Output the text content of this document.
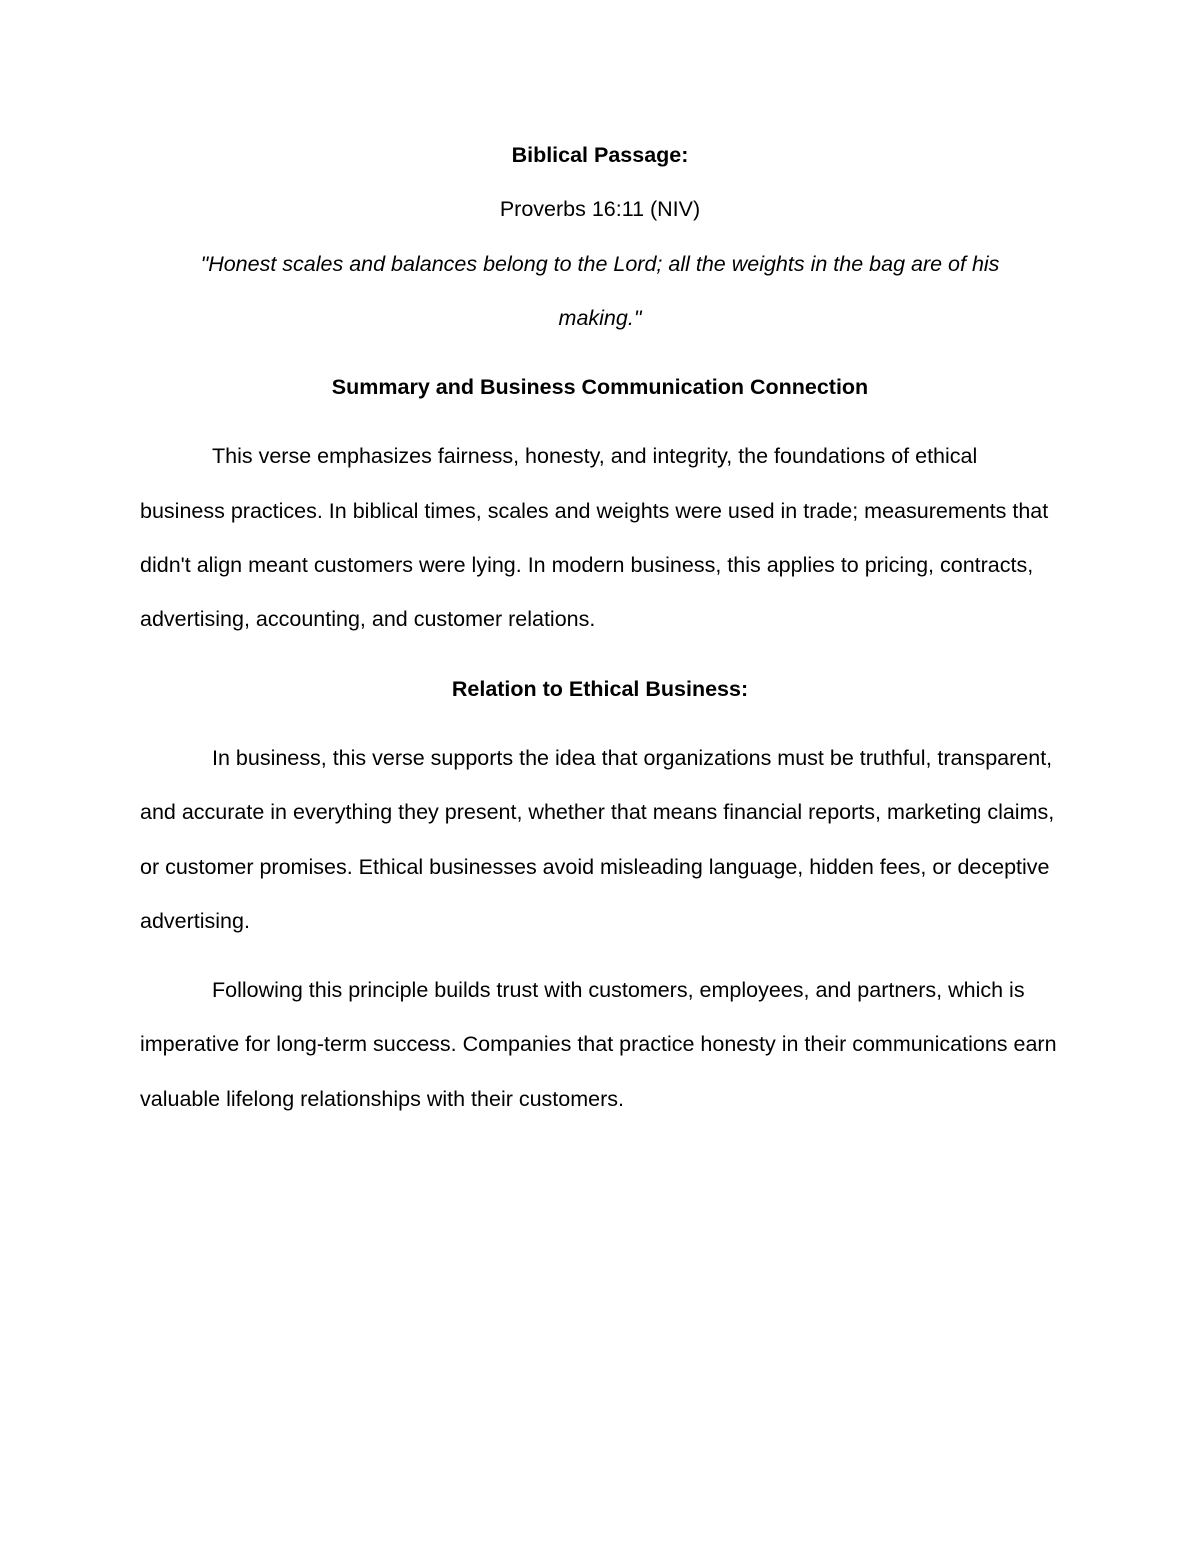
Biblical Passage:

Proverbs 16:11 (NIV)

"Honest scales and balances belong to the Lord; all the weights in the bag are of his making."

Summary and Business Communication Connection

This verse emphasizes fairness, honesty, and integrity, the foundations of ethical business practices. In biblical times, scales and weights were used in trade; measurements that didn't align meant customers were lying. In modern business, this applies to pricing, contracts, advertising, accounting, and customer relations.

Relation to Ethical Business:

In business, this verse supports the idea that organizations must be truthful, transparent, and accurate in everything they present, whether that means financial reports, marketing claims, or customer promises. Ethical businesses avoid misleading language, hidden fees, or deceptive advertising.

Following this principle builds trust with customers, employees, and partners, which is imperative for long-term success. Companies that practice honesty in their communications earn valuable lifelong relationships with their customers.
